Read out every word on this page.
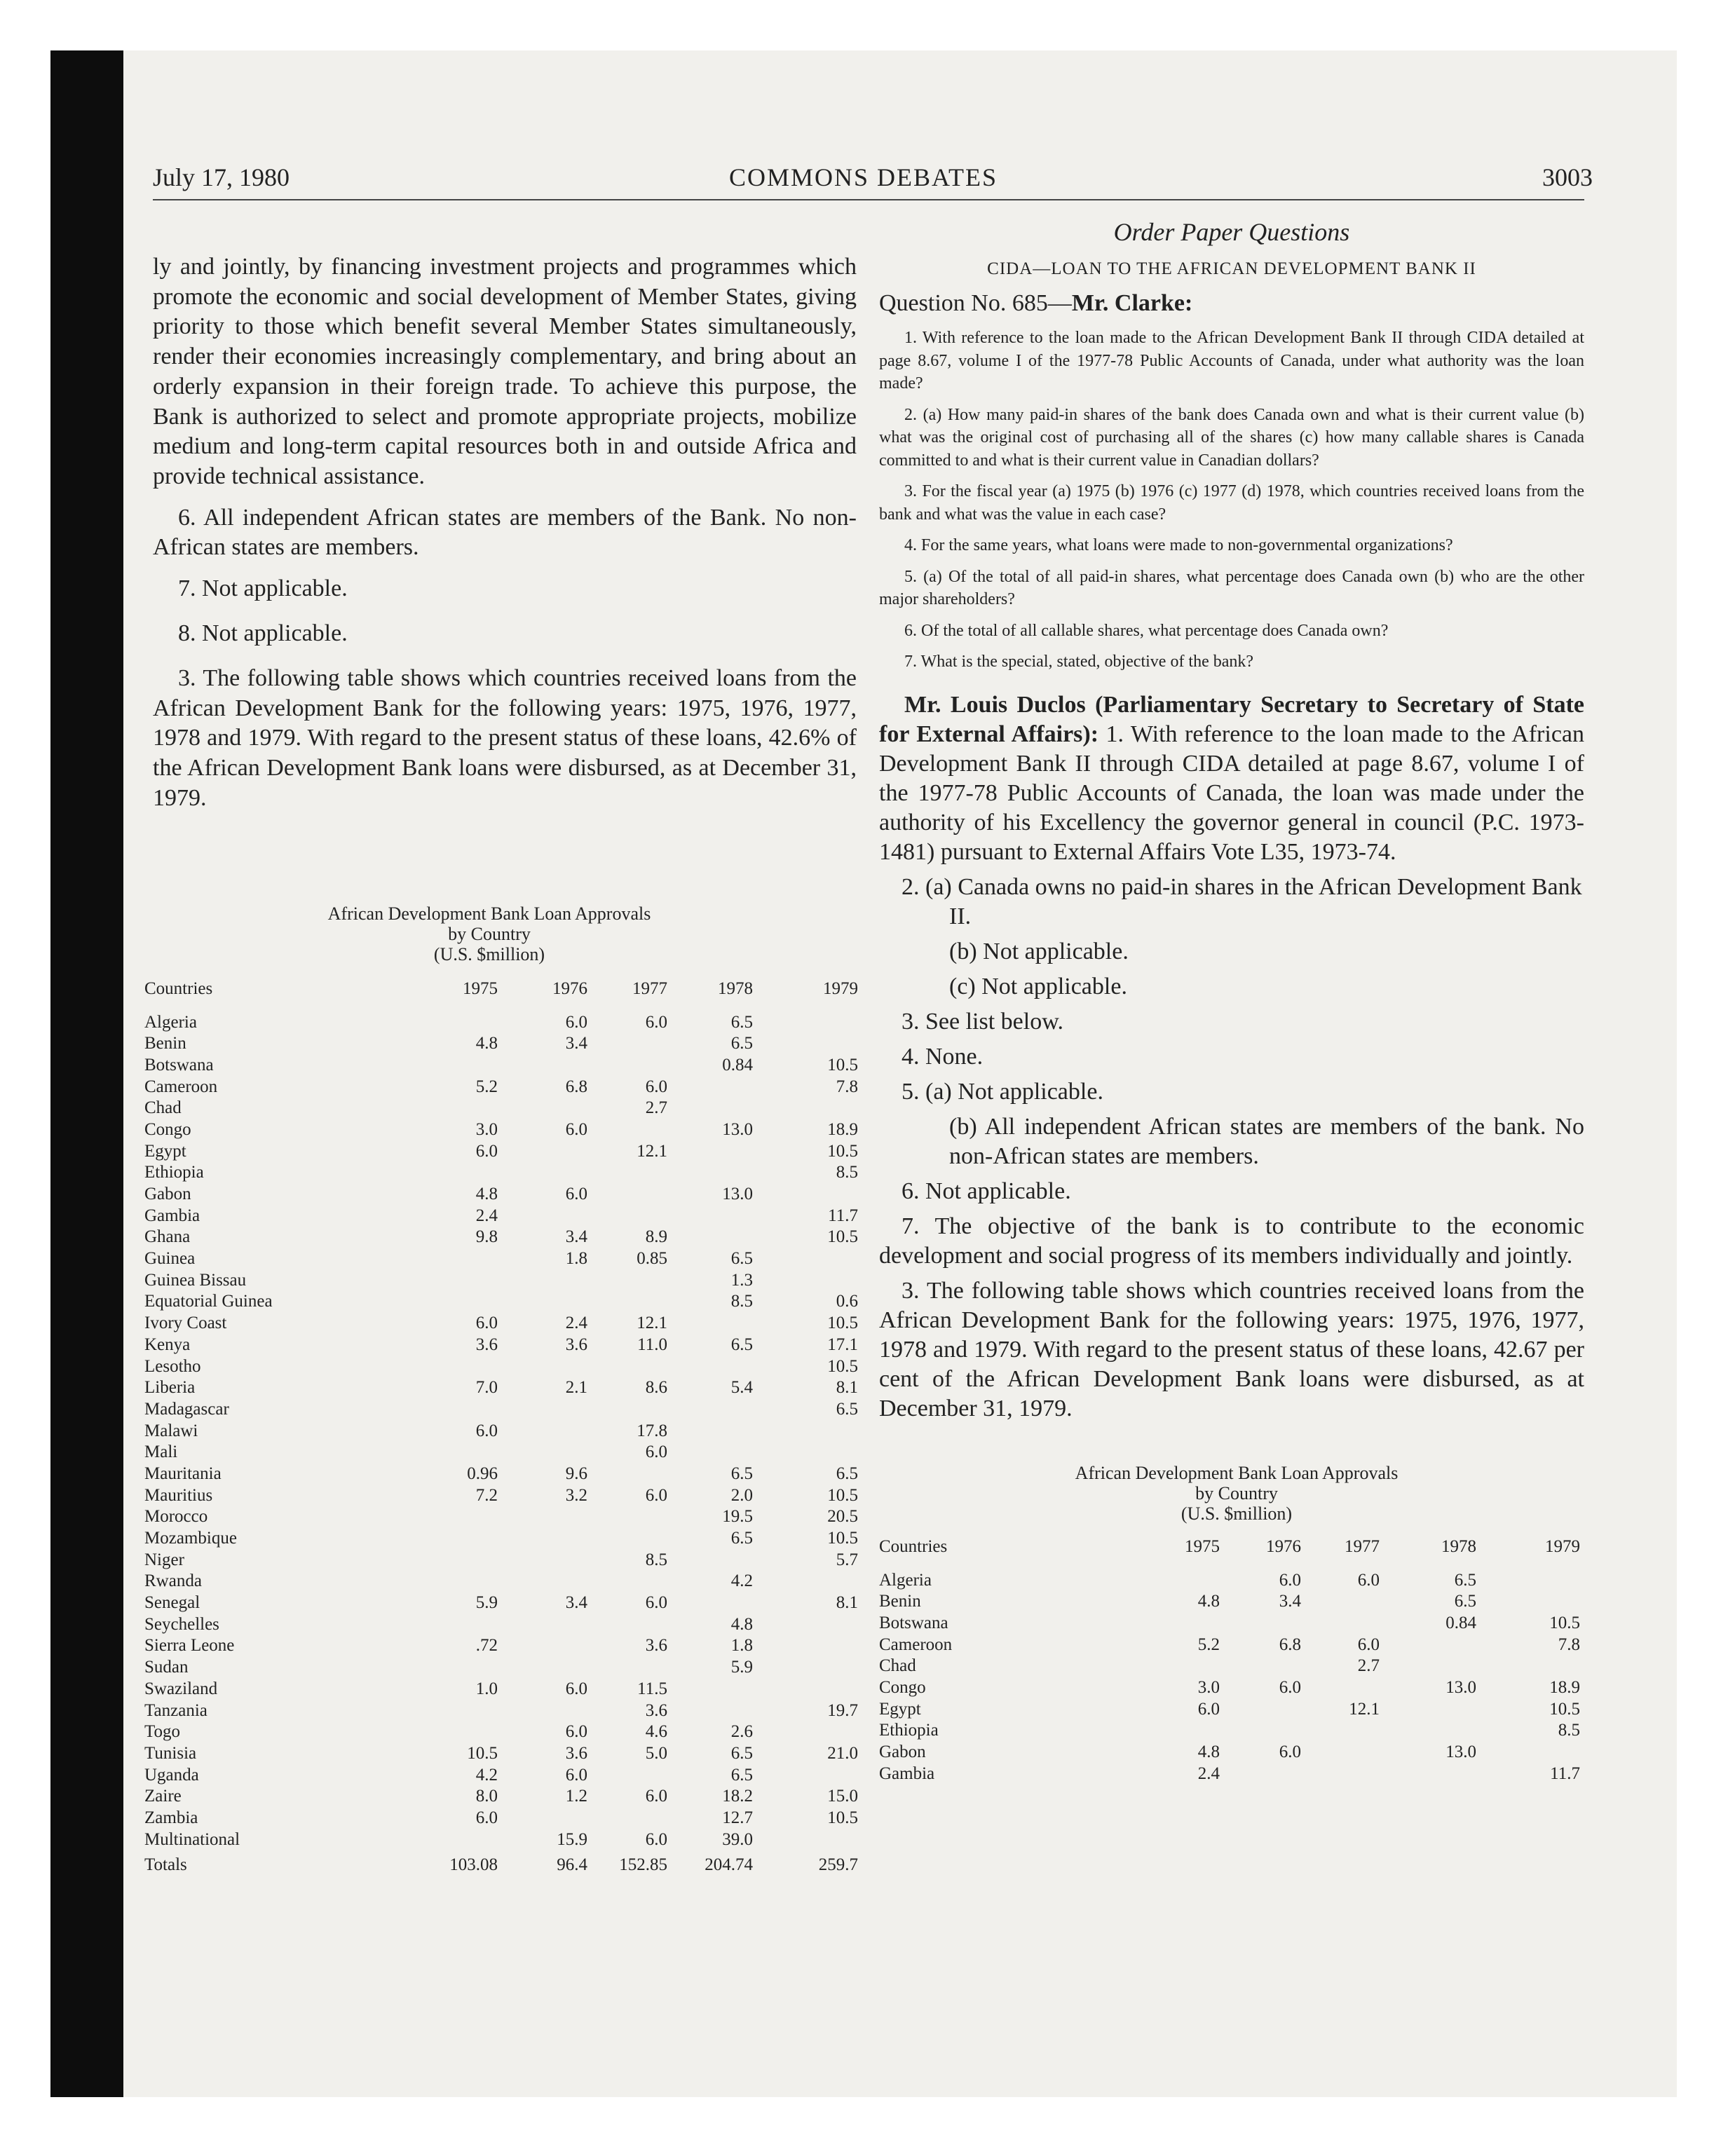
July 17, 1980	COMMONS DEBATES	3003

ly and jointly, by financing investment projects and programmes which promote the economic and social development of Member States, giving priority to those which benefit several Member States simultaneously, render their economies increasingly complementary, and bring about an orderly expansion in their foreign trade. To achieve this purpose, the Bank is authorized to select and promote appropriate projects, mobilize medium and long-term capital resources both in and outside Africa and provide technical assistance.

6. All independent African states are members of the Bank. No non-African states are members.

7. Not applicable.

8. Not applicable.

3. The following table shows which countries received loans from the African Development Bank for the following years: 1975, 1976, 1977, 1978 and 1979. With regard to the present status of these loans, 42.6% of the African Development Bank loans were disbursed, as at December 31, 1979.

African Development Bank Loan Approvals

by Country

(U.S. $million)

Countries	1975	1976	1977	1978	1979
Algeria		6.0	6.0	6.5	
Benin	4.8	3.4		6.5	
Botswana				0.84	10.5
Cameroon	5.2	6.8	6.0		7.8
Chad			2.7		
Congo	3.0	6.0		13.0	18.9
Egypt	6.0		12.1		10.5
Ethiopia					8.5
Gabon	4.8	6.0		13.0	
Gambia	2.4				11.7
Ghana	9.8	3.4	8.9		10.5
Guinea		1.8	0.85	6.5	
Guinea Bissau				1.3	
Equatorial Guinea				8.5	0.6
Ivory Coast	6.0	2.4	12.1		10.5
Kenya	3.6	3.6	11.0	6.5	17.1
Lesotho					10.5
Liberia	7.0	2.1	8.6	5.4	8.1
Madagascar					6.5
Malawi	6.0		17.8		
Mali			6.0		
Mauritania	0.96	9.6		6.5	6.5
Mauritius	7.2	3.2	6.0	2.0	10.5
Morocco				19.5	20.5
Mozambique				6.5	10.5
Niger			8.5		5.7
Rwanda				4.2	
Senegal	5.9	3.4	6.0		8.1
Seychelles				4.8	
Sierra Leone	.72		3.6	1.8	
Sudan				5.9	
Swaziland	1.0	6.0	11.5		
Tanzania			3.6		19.7
Togo		6.0	4.6	2.6	
Tunisia	10.5	3.6	5.0	6.5	21.0
Uganda	4.2	6.0		6.5	
Zaire	8.0	1.2	6.0	18.2	15.0
Zambia	6.0			12.7	10.5
Multinational		15.9	6.0	39.0	
Totals	103.08	96.4	152.85	204.74	259.7

Order Paper Questions

CIDA—LOAN TO THE AFRICAN DEVELOPMENT BANK II

Question No. 685—Mr. Clarke:

1. With reference to the loan made to the African Development Bank II through CIDA detailed at page 8.67, volume I of the 1977-78 Public Accounts of Canada, under what authority was the loan made?

2. (a) How many paid-in shares of the bank does Canada own and what is their current value (b) what was the original cost of purchasing all of the shares (c) how many callable shares is Canada committed to and what is their current value in Canadian dollars?

3. For the fiscal year (a) 1975 (b) 1976 (c) 1977 (d) 1978, which countries received loans from the bank and what was the value in each case?

4. For the same years, what loans were made to non-governmental organizations?

5. (a) Of the total of all paid-in shares, what percentage does Canada own (b) who are the other major shareholders?

6. Of the total of all callable shares, what percentage does Canada own?

7. What is the special, stated, objective of the bank?

Mr. Louis Duclos (Parliamentary Secretary to Secretary of State for External Affairs): 1. With reference to the loan made to the African Development Bank II through CIDA detailed at page 8.67, volume I of the 1977-78 Public Accounts of Canada, the loan was made under the authority of his Excellency the governor general in council (P.C. 1973-1481) pursuant to External Affairs Vote L35, 1973-74.

2. (a) Canada owns no paid-in shares in the African Development Bank II.

(b) Not applicable.

(c) Not applicable.

3. See list below.

4. None.

5. (a) Not applicable.

(b) All independent African states are members of the bank. No non-African states are members.

6. Not applicable.

7. The objective of the bank is to contribute to the economic development and social progress of its members individually and jointly.

3. The following table shows which countries received loans from the African Development Bank for the following years: 1975, 1976, 1977, 1978 and 1979. With regard to the present status of these loans, 42.67 per cent of the African Development Bank loans were disbursed, as at December 31, 1979.

African Development Bank Loan Approvals

by Country

(U.S. $million)

Countries	1975	1976	1977	1978	1979
Algeria		6.0	6.0	6.5	
Benin	4.8	3.4		6.5	
Botswana				0.84	10.5
Cameroon	5.2	6.8	6.0		7.8
Chad			2.7		
Congo	3.0	6.0		13.0	18.9
Egypt	6.0		12.1		10.5
Ethiopia					8.5
Gabon	4.8	6.0		13.0	
Gambia	2.4				11.7
